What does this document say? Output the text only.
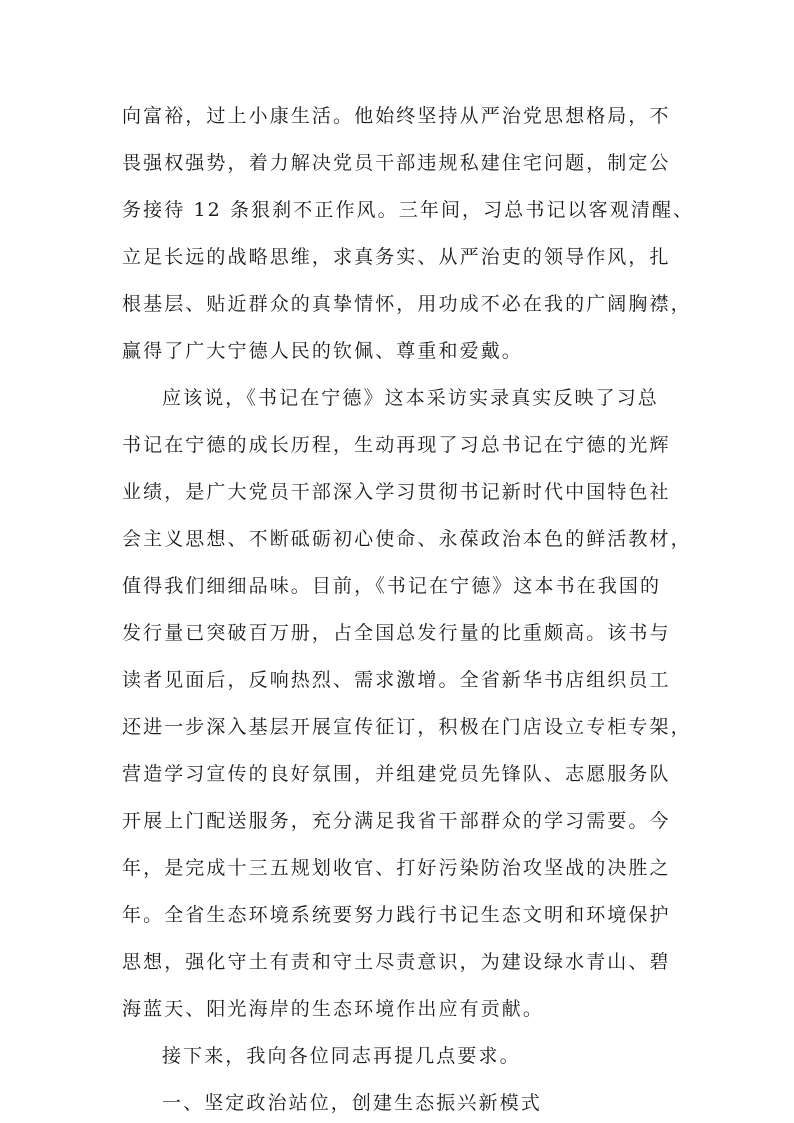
向富裕，过上小康生活。他始终坚持从严治党思想格局，不
畏强权强势，着力解决党员干部违规私建住宅问题，制定公
务接待 12 条狠刹不正作风。三年间，习总书记以客观清醒、
立足长远的战略思维，求真务实、从严治吏的领导作风，扎
根基层、贴近群众的真挚情怀，用功成不必在我的广阔胸襟，
赢得了广大宁德人民的钦佩、尊重和爱戴。
应该说，《书记在宁德》这本采访实录真实反映了习总
书记在宁德的成长历程，生动再现了习总书记在宁德的光辉
业绩，是广大党员干部深入学习贯彻书记新时代中国特色社
会主义思想、不断砥砺初心使命、永葆政治本色的鲜活教材，
值得我们细细品味。目前，《书记在宁德》这本书在我国的
发行量已突破百万册，占全国总发行量的比重颇高。该书与
读者见面后，反响热烈、需求激增。全省新华书店组织员工
还进一步深入基层开展宣传征订，积极在门店设立专柜专架，
营造学习宣传的良好氛围，并组建党员先锋队、志愿服务队
开展上门配送服务，充分满足我省干部群众的学习需要。今
年，是完成十三五规划收官、打好污染防治攻坚战的决胜之
年。全省生态环境系统要努力践行书记生态文明和环境保护
思想，强化守土有责和守土尽责意识，为建设绿水青山、碧
海蓝天、阳光海岸的生态环境作出应有贡献。
接下来，我向各位同志再提几点要求。
一、坚定政治站位，创建生态振兴新模式
